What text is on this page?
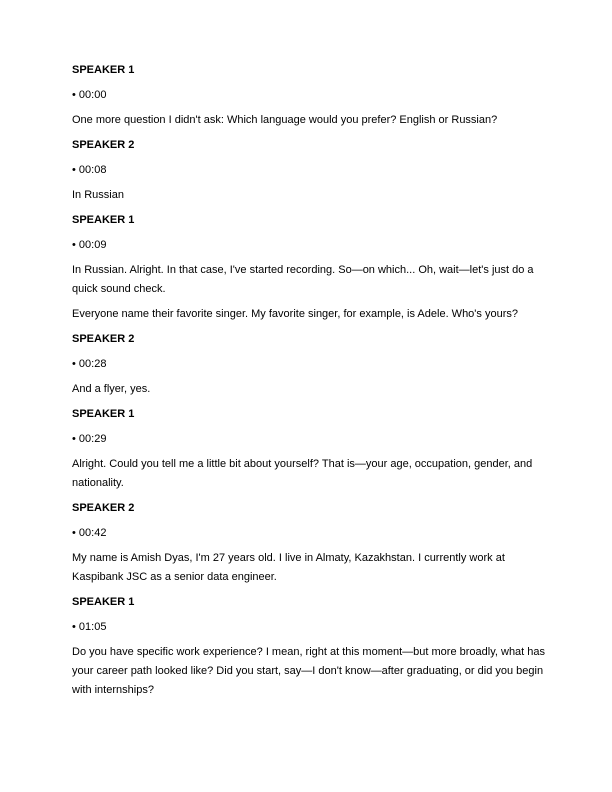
SPEAKER 1

• 00:00

One more question I didn't ask: Which language would you prefer? English or Russian?

SPEAKER 2

• 00:08

In Russian

SPEAKER 1

• 00:09

In Russian. Alright. In that case, I've started recording. So—on which... Oh, wait—let's just do a quick sound check.

Everyone name their favorite singer. My favorite singer, for example, is Adele. Who's yours?

SPEAKER 2

• 00:28

And a flyer, yes.

SPEAKER 1

• 00:29

Alright. Could you tell me a little bit about yourself? That is—your age, occupation, gender, and nationality.

SPEAKER 2

• 00:42

My name is Amish Dyas, I'm 27 years old. I live in Almaty, Kazakhstan. I currently work at Kaspibank JSC as a senior data engineer.

SPEAKER 1

• 01:05

Do you have specific work experience? I mean, right at this moment—but more broadly, what has your career path looked like? Did you start, say—I don't know—after graduating, or did you begin with internships?
